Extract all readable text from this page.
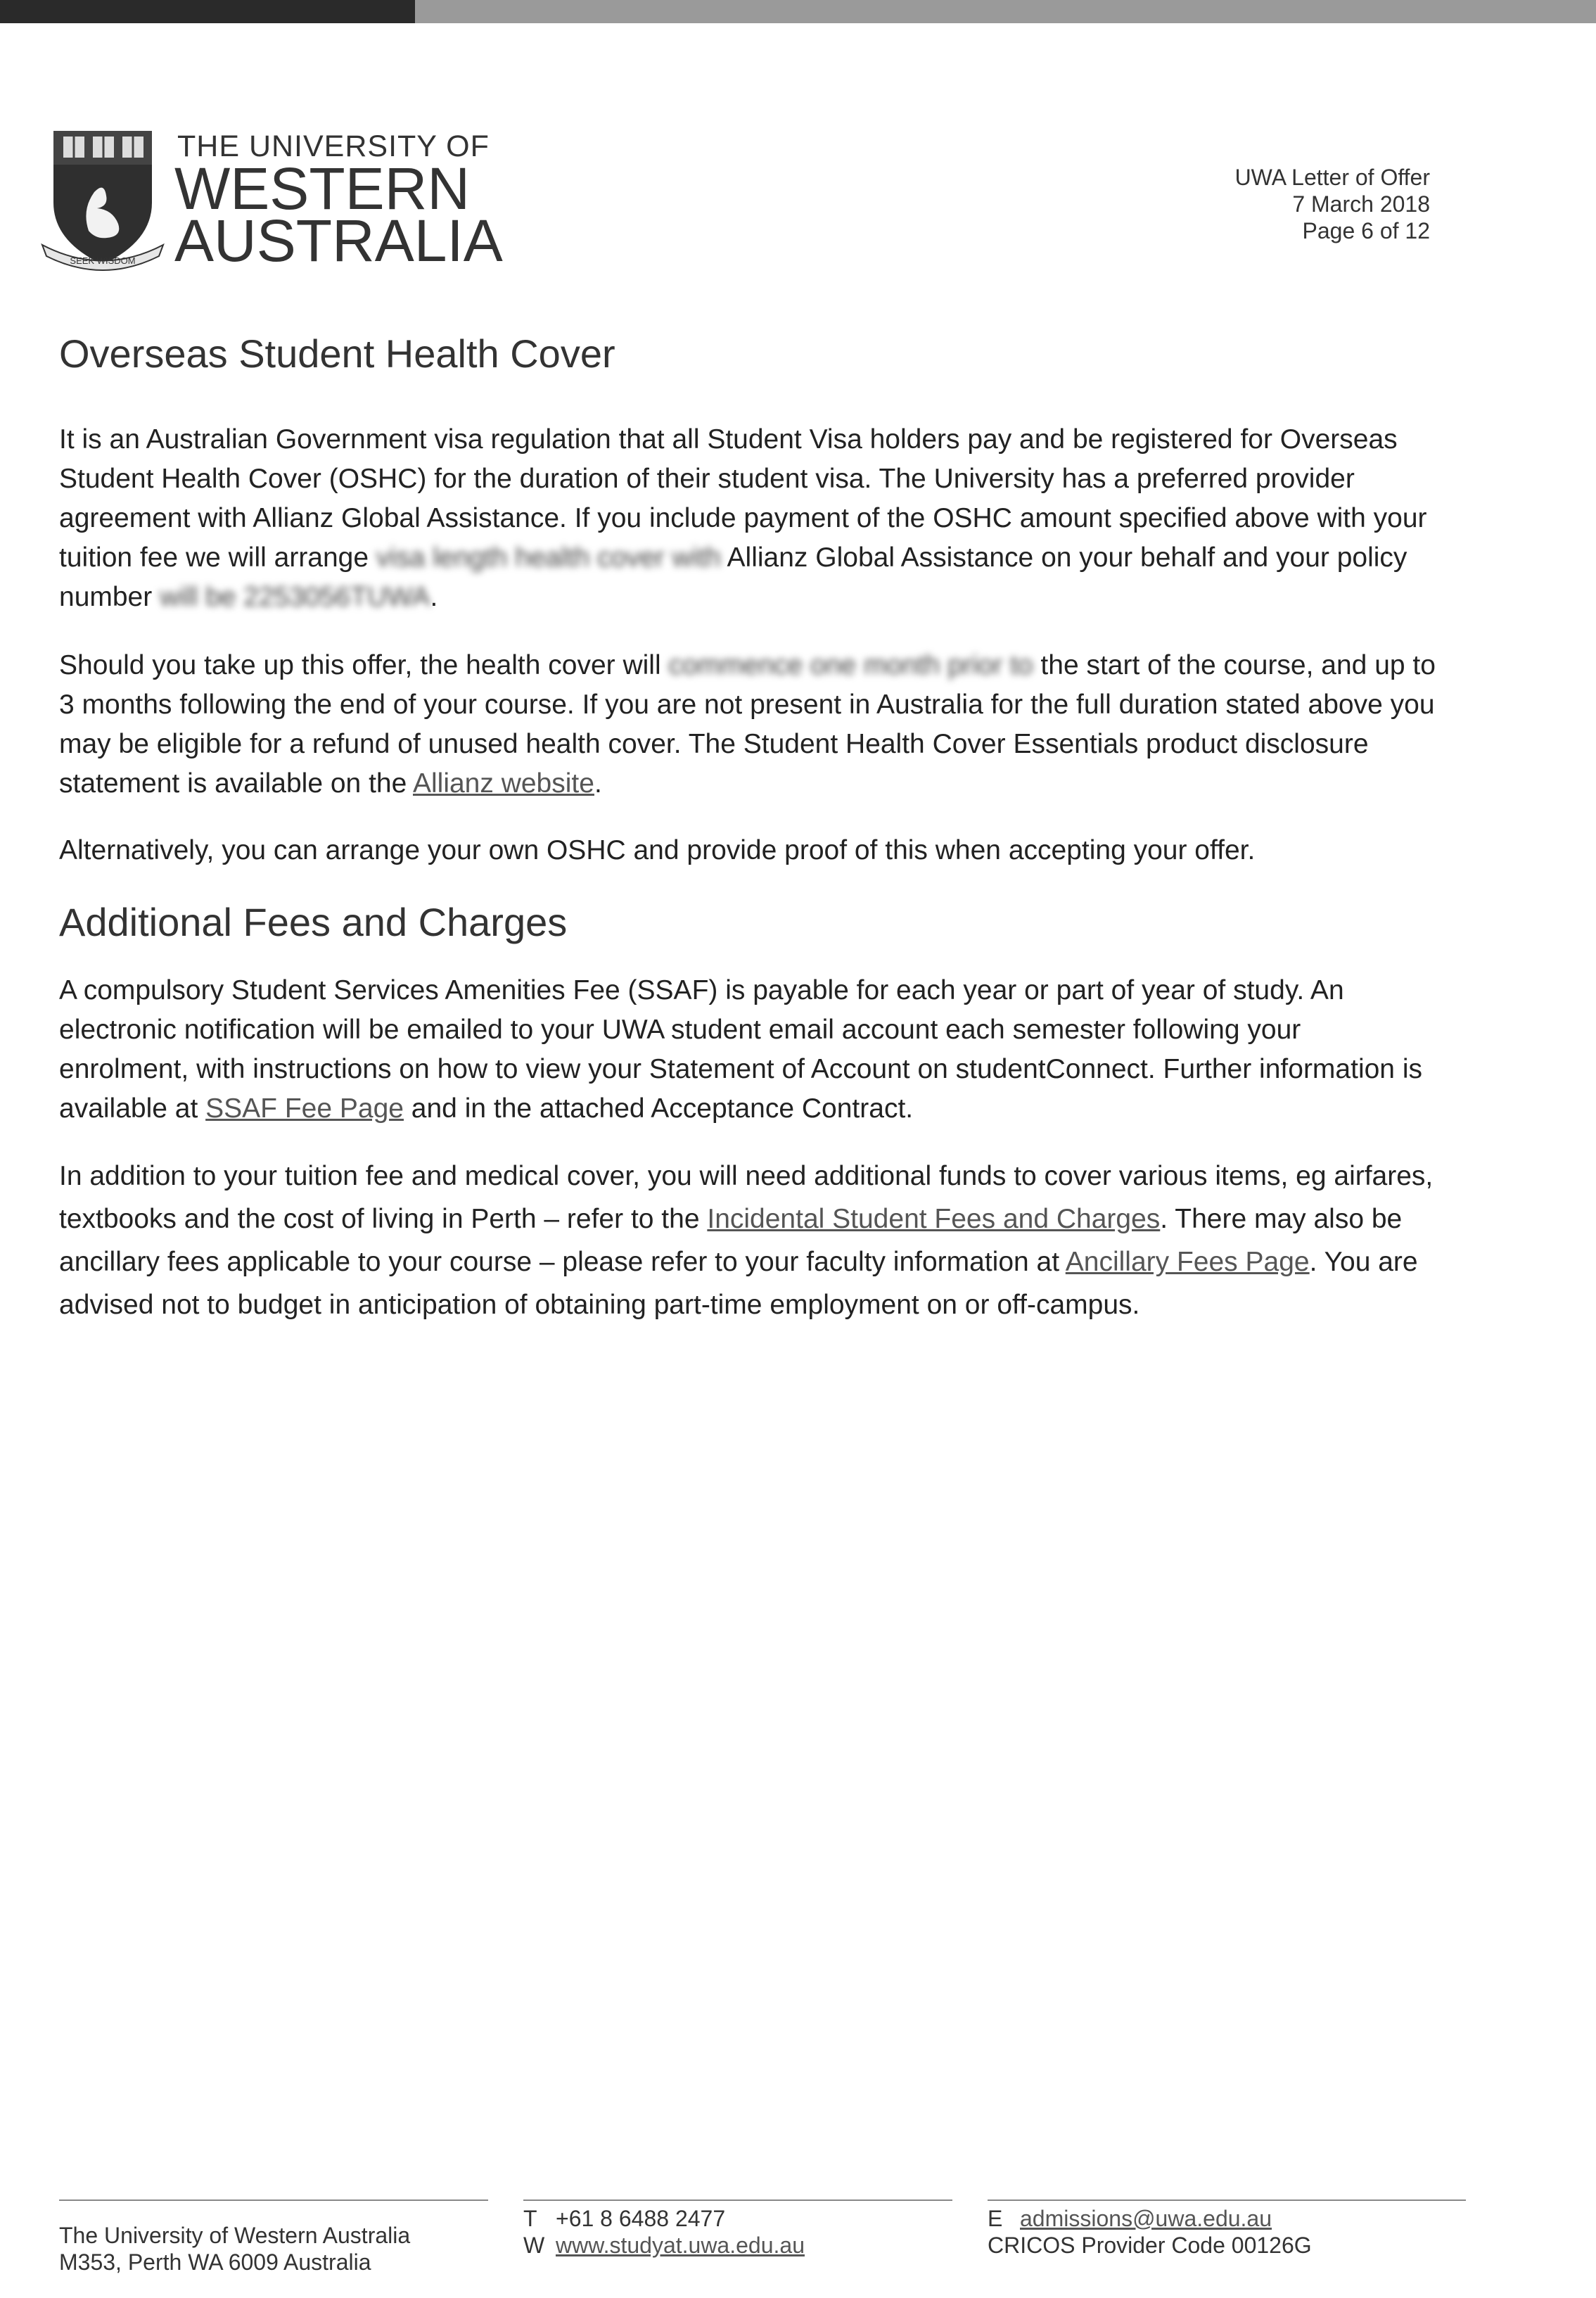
SEEK WISDOM
THE UNIVERSITY OF
WESTERN
AUSTRALIA
UWA Letter of Offer
7 March 2018
Page 6 of 12
Overseas Student Health Cover

It is an Australian Government visa regulation that all Student Visa holders pay and be registered for Overseas Student Health Cover (OSHC) for the duration of their student visa. The University has a preferred provider agreement with Allianz Global Assistance. If you include payment of the OSHC amount specified above with your tuition fee we will arrange visa length health cover with Allianz Global Assistance on your behalf and your policy number will be 2253056TUWA.

Should you take up this offer, the health cover will commence one month prior to the start of the course, and up to 3 months following the end of your course. If you are not present in Australia for the full duration stated above you may be eligible for a refund of unused health cover. The Student Health Cover Essentials product disclosure statement is available on the Allianz website.

Alternatively, you can arrange your own OSHC and provide proof of this when accepting your offer.

Additional Fees and Charges

A compulsory Student Services Amenities Fee (SSAF) is payable for each year or part of year of study. An electronic notification will be emailed to your UWA student email account each semester following your enrolment, with instructions on how to view your Statement of Account on studentConnect. Further information is available at SSAF Fee Page and in the attached Acceptance Contract.

In addition to your tuition fee and medical cover, you will need additional funds to cover various items, eg airfares, textbooks and the cost of living in Perth – refer to the Incidental Student Fees and Charges. There may also be ancillary fees applicable to your course – please refer to your faculty information at Ancillary Fees Page. You are advised not to budget in anticipation of obtaining part-time employment on or off-campus.

The University of Western Australia
M353, Perth WA 6009 Australia
T +61 8 6488 2477
W www.studyat.uwa.edu.au
E admissions@uwa.edu.au
CRICOS Provider Code 00126G
